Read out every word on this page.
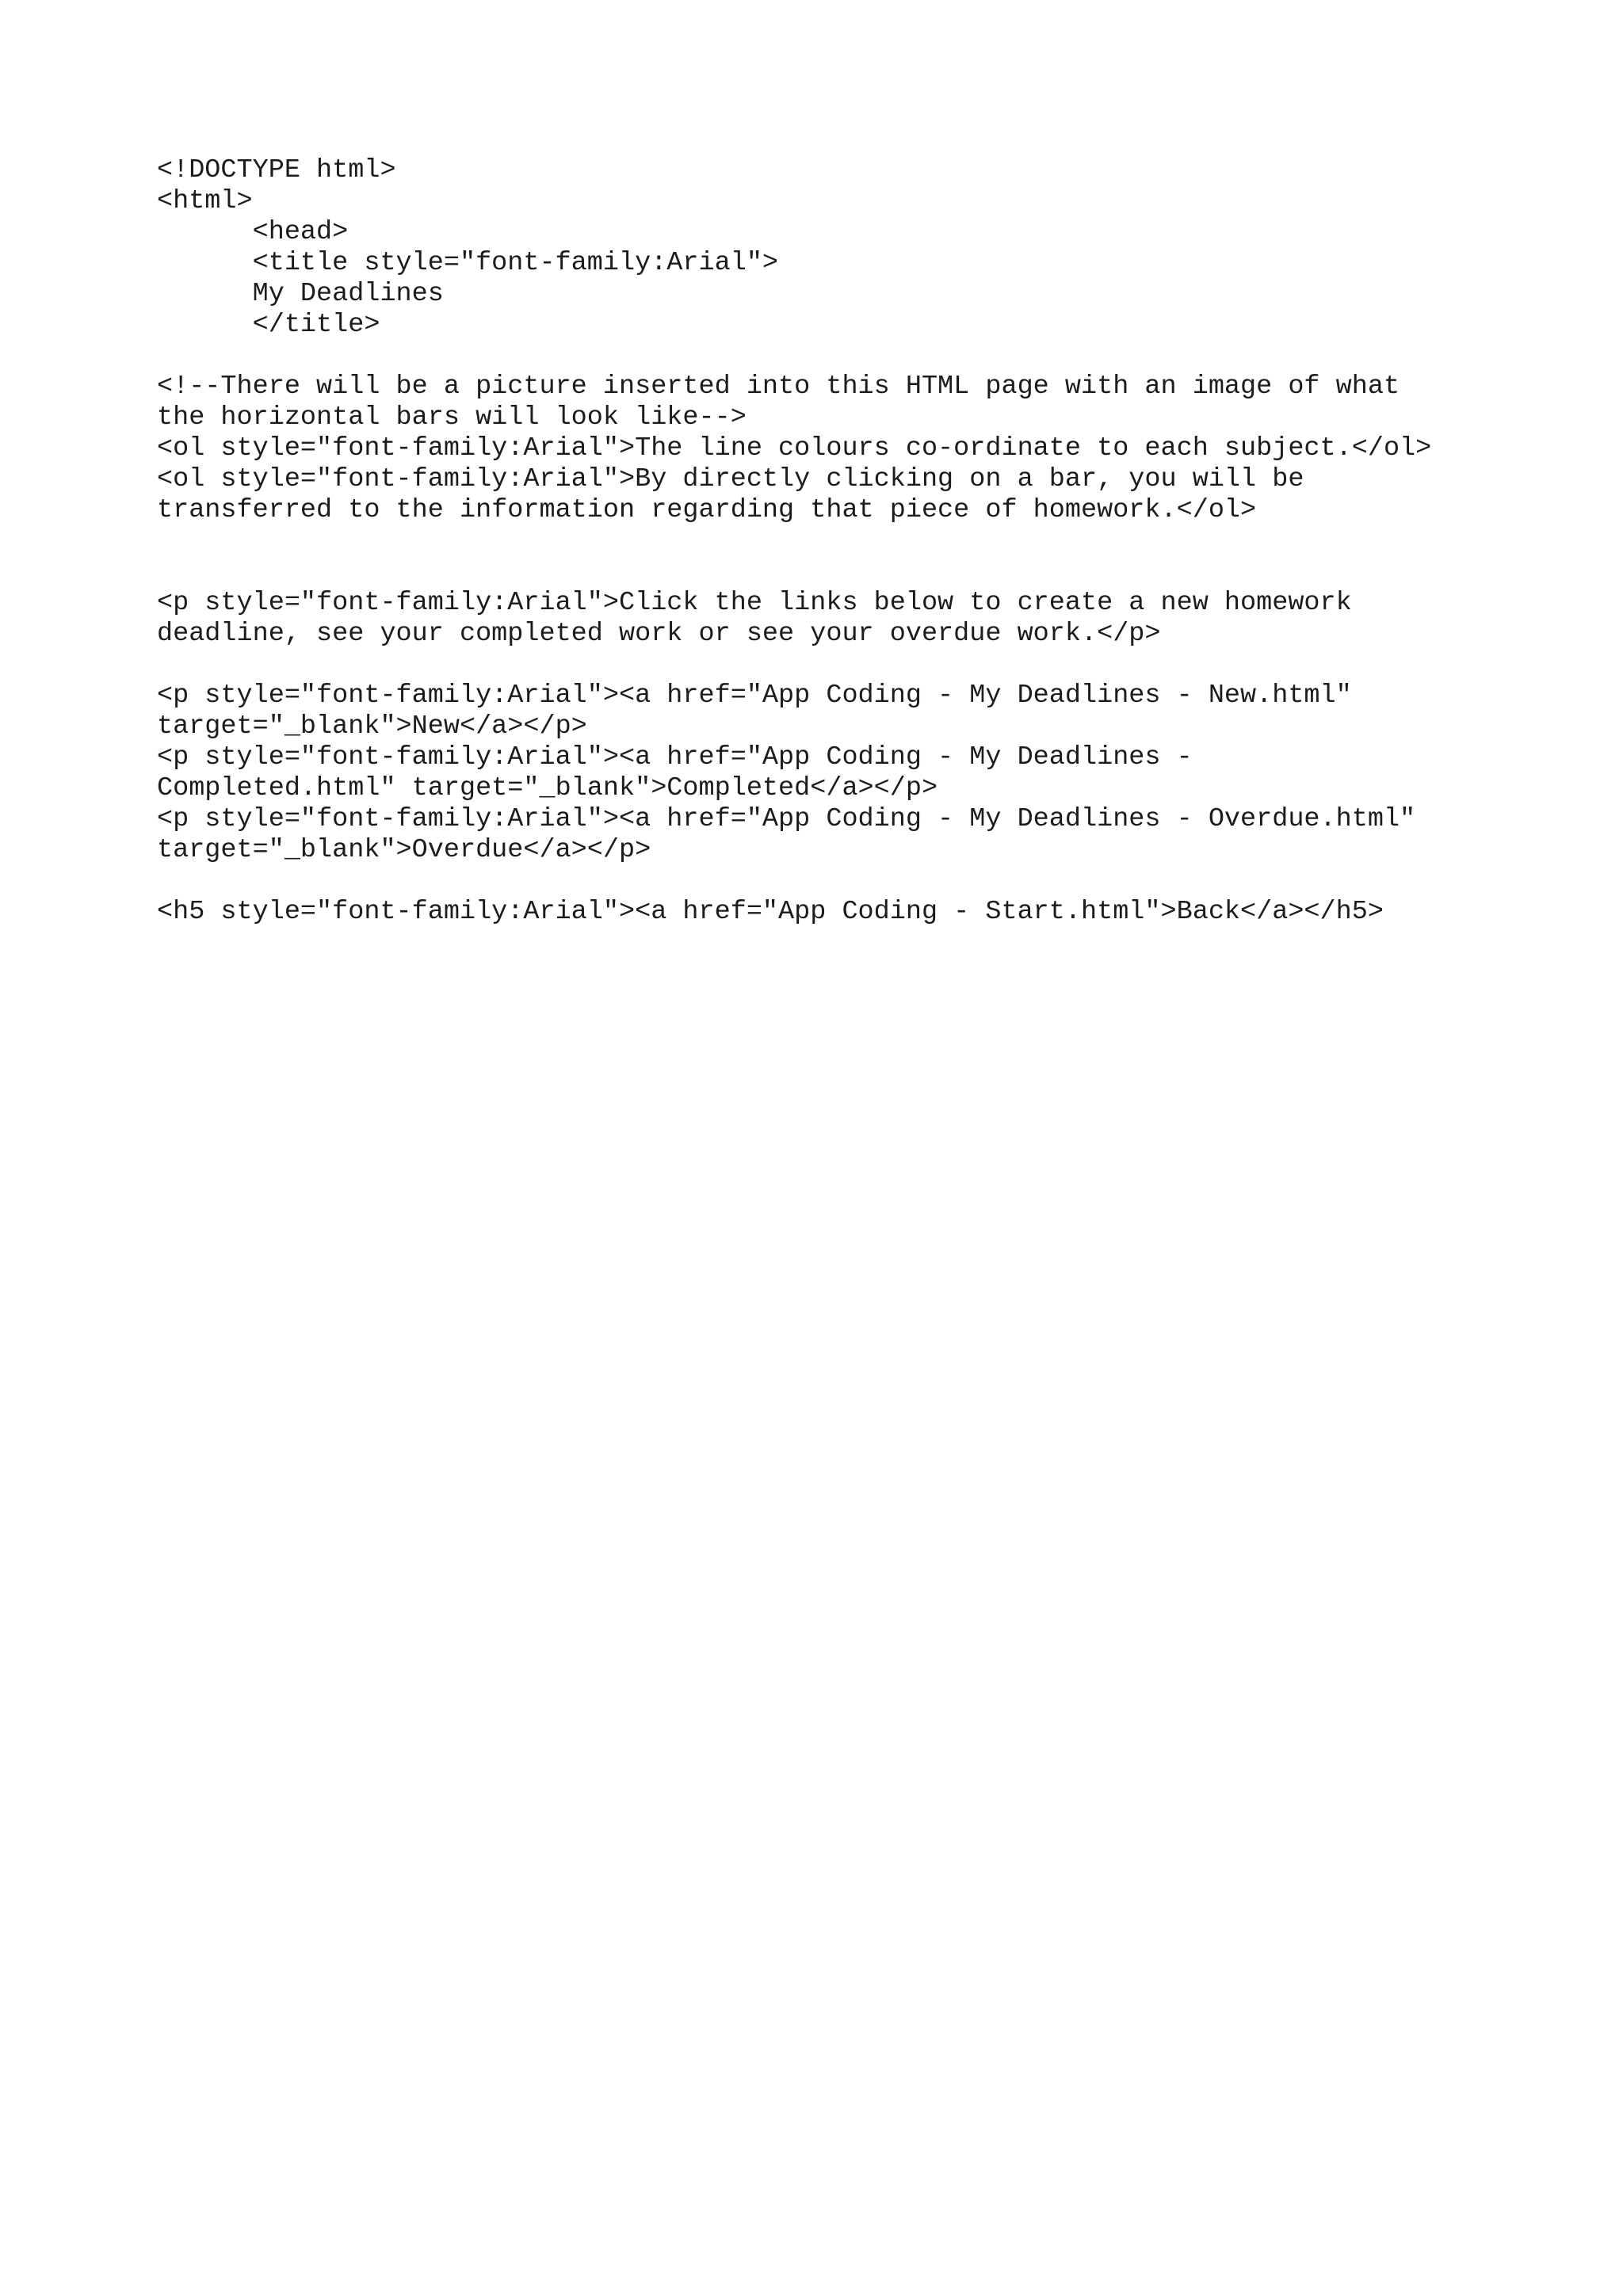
<!DOCTYPE html>
<html>
<head>
<title style="font-family:Arial">
My Deadlines
</title>
<!--There will be a picture inserted into this HTML page with an image of what
the horizontal bars will look like-->
<ol style="font-family:Arial">The line colours co-ordinate to each subject.</ol>
<ol style="font-family:Arial">By directly clicking on a bar, you will be
transferred to the information regarding that piece of homework.</ol>
<p style="font-family:Arial">Click the links below to create a new homework
deadline, see your completed work or see your overdue work.</p>
<p style="font-family:Arial"><a href="App Coding - My Deadlines - New.html"
target="_blank">New</a></p>
<p style="font-family:Arial"><a href="App Coding - My Deadlines -
Completed.html" target="_blank">Completed</a></p>
<p style="font-family:Arial"><a href="App Coding - My Deadlines - Overdue.html"
target="_blank">Overdue</a></p>
<h5 style="font-family:Arial"><a href="App Coding - Start.html">Back</a></h5>
